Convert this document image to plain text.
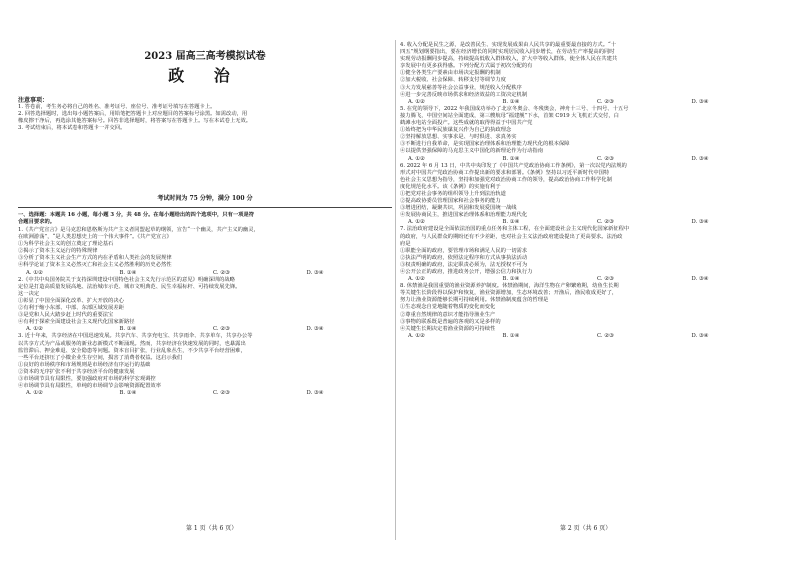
2023 届高三高考模拟试卷
政 治
注意事项：
1. 答卷前，考生务必将自己的姓名、准考证号、座位号、准考证号填写在答题卡上。
2. 回答选择题时，选出每小题答案后，用铅笔把答题卡上对应题目的答案标号涂黑。如需改动，用
橡皮擦干净后，再选涂其他答案标号。回答非选择题时，将答案写在答题卡上。写在本试卷上无效。
3. 考试结束后，将本试卷和答题卡一并交回。
考试时间为 75 分钟，满分 100 分
一、选择题：本题共 16 小题，每小题 3 分，共 48 分。在每小题给出的四个选项中，只有一项是符
合题目要求的。
1.《共产党宣言》是马克思和恩格斯为共产主义者同盟起草的纲领，宣告“一个幽灵，共产主义的幽灵，
在欧洲游荡”，“是人类思想史上的一个伟大事件”。《共产党宣言》
①为科学社会主义的创立奠定了理论基石
②揭示了资本主义运行的特殊规律
③分析了资本主义社会生产方式的内在矛盾和人类社会的发展规律
④科学论证了资本主义必然灭亡和社会主义必然胜利的历史必然性
A. ①②	B. ①④	C. ②③	D. ③④
2.《中共中央国务院关于支持深圳建设中国特色社会主义先行示范区的意见》明确深圳的战略
定位是打造高质量发展高地、法治城市示范、城市文明典范、民生幸福标杆、可持续发展先锋。
这一决定
①彰显了中国全面深化改革、扩大开放的决心
②有利于缩小东部、中部、东部区域发展差距
③是党和人民大踏步赶上时代的重要法宝
④有利于探索全面建设社会主义现代化国家新路径
A. ①②	B. ①④	C. ②③	D. ③④
3. 近十年来，共享经济在中国迅速发展。共享汽车、共享充电宝、共享雨伞、共享单车，共享办公等
以共享方式为产品或服务的新业态新模式不断涌现。然而，共享经济在快速发展的同时，也暴露出
监管滞后、押金难退、安全隐患等问题。资本盲目扩张，行业乱象丛生，不少共享平台经营困难，
一些平台还挤压了小微企业生存空间，损害了消费者权益。这启示我们
①良好的市场秩序和市场规则是市场经济有序运行的基础
②资本的无序扩张不利于共享经济平台的健康发展
③市场调节具有局限性，要加强政府对市场的科学宏观调控
④市场调节具有局限性，单纯的市场调节会影响资源配置效率
A. ①②	B. ①④	C. ②③	D. ③④
第 1 页（共 6 页）
4. 收入分配是民生之源，是改善民生、实现发展成果由人民共享的最重要最直接的方式。“十
四五”规划纲要指出，要在经济增长的同时实现居民收入同步增长，在劳动生产率提高的同时
实现劳动报酬同步提高，持续提高低收入群体收入，扩大中等收入群体，使全体人民在共建共
享发展中有更多获得感。下列分配方式属于初次分配的有
①健全各类生产要素由市场决定报酬的机制
②加大税收、社会保障、转移支付等调节力度
③大力发展慈善等社会公益事业，规范收入分配秩序
④进一步完善反映市场供求和经济效益的工资决定机制
A. ①②	B. ①④	C. ②③	D. ③④
5. 在党的领导下，2022 年我国成功举办了北京冬奥会、冬残奥会，神舟十三号、十四号、十五号
接力腾飞，中国空间站全面建成，第三艘航母“福建舰”下水，首架 C919 大飞机正式交付，白
鹤滩水电站全面投产。这些成就的取得得益于中国共产党
①始终把为中华民族谋复兴作为自己的执政理念
②坚持解放思想、实事求是、与时俱进、求真务实
③不断进行自我革命，是实现国家治理体系和治理能力现代化的根本保障
④以提供坚强保障的马克思主义中国化的新理论作为行动指南
A. ①②	B. ①④	C. ②③	D. ③④
6. 2022 年 6 月 13 日，中共中央印发了《中国共产党政治协商工作条例》，第一次以党内法规的
形式对中国共产党政治协商工作提出新的要求和部署。《条例》坚持以习近平新时代中国特
色社会主义思想为指导，坚持和加强党对政治协商工作的领导，提高政治协商工作科学化制
度化规范化水平。该《条例》的实施有利于
①把党对社会事务的组织领导上升到法治轨道
②提高政协委员管理国家和社会事务的能力
③增进团结，凝聚共识，巩固和发展爱国统一战线
④发展协商民主，推进国家治理体系和治理能力现代化
A. ①②	B. ①④	C. ②③	D. ③④
7. 法治政府建设是全面依法治国的重点任务和主体工程，在全面建设社会主义现代化国家新征程中
的政府，与人民群众的期盼还有不少差距，也对社会主义法治政府建设提出了更高要求。法治政
府是
①职能全面的政府，要管理市场和满足人民的一切需求
②执法严明的政府，依照法定程序和方式从事执法活动
③权责明确的政府，法定职责必须为，法无授权不可为
④公开公正的政府，推进政务公开，增强公信力和执行力
A. ①②	B. ①④	C. ②③	D. ③④
8. 休禁渔是我国重要的渔业资源养护制度。休禁渔期间，海洋生物在产卵繁殖期，幼鱼生长期
等关键生长阶段得以保护和恢复，渔业资源增加，生态环境改善；开渔后，渔民收成更好了，
努力让渔业资源能够长期可持续利用。休禁渔制度蕴含的哲理是
①生态观念自觉地随着物质的变化而变化
②尊重自然规律的意识才能指导渔业生产
③事物的联系既是普遍的客观的又是多样的
④关键生长期决定着渔业资源的可持续性
A. ①②	B. ①④	C. ②③	D. ③④
第 2 页（共 6 页）
